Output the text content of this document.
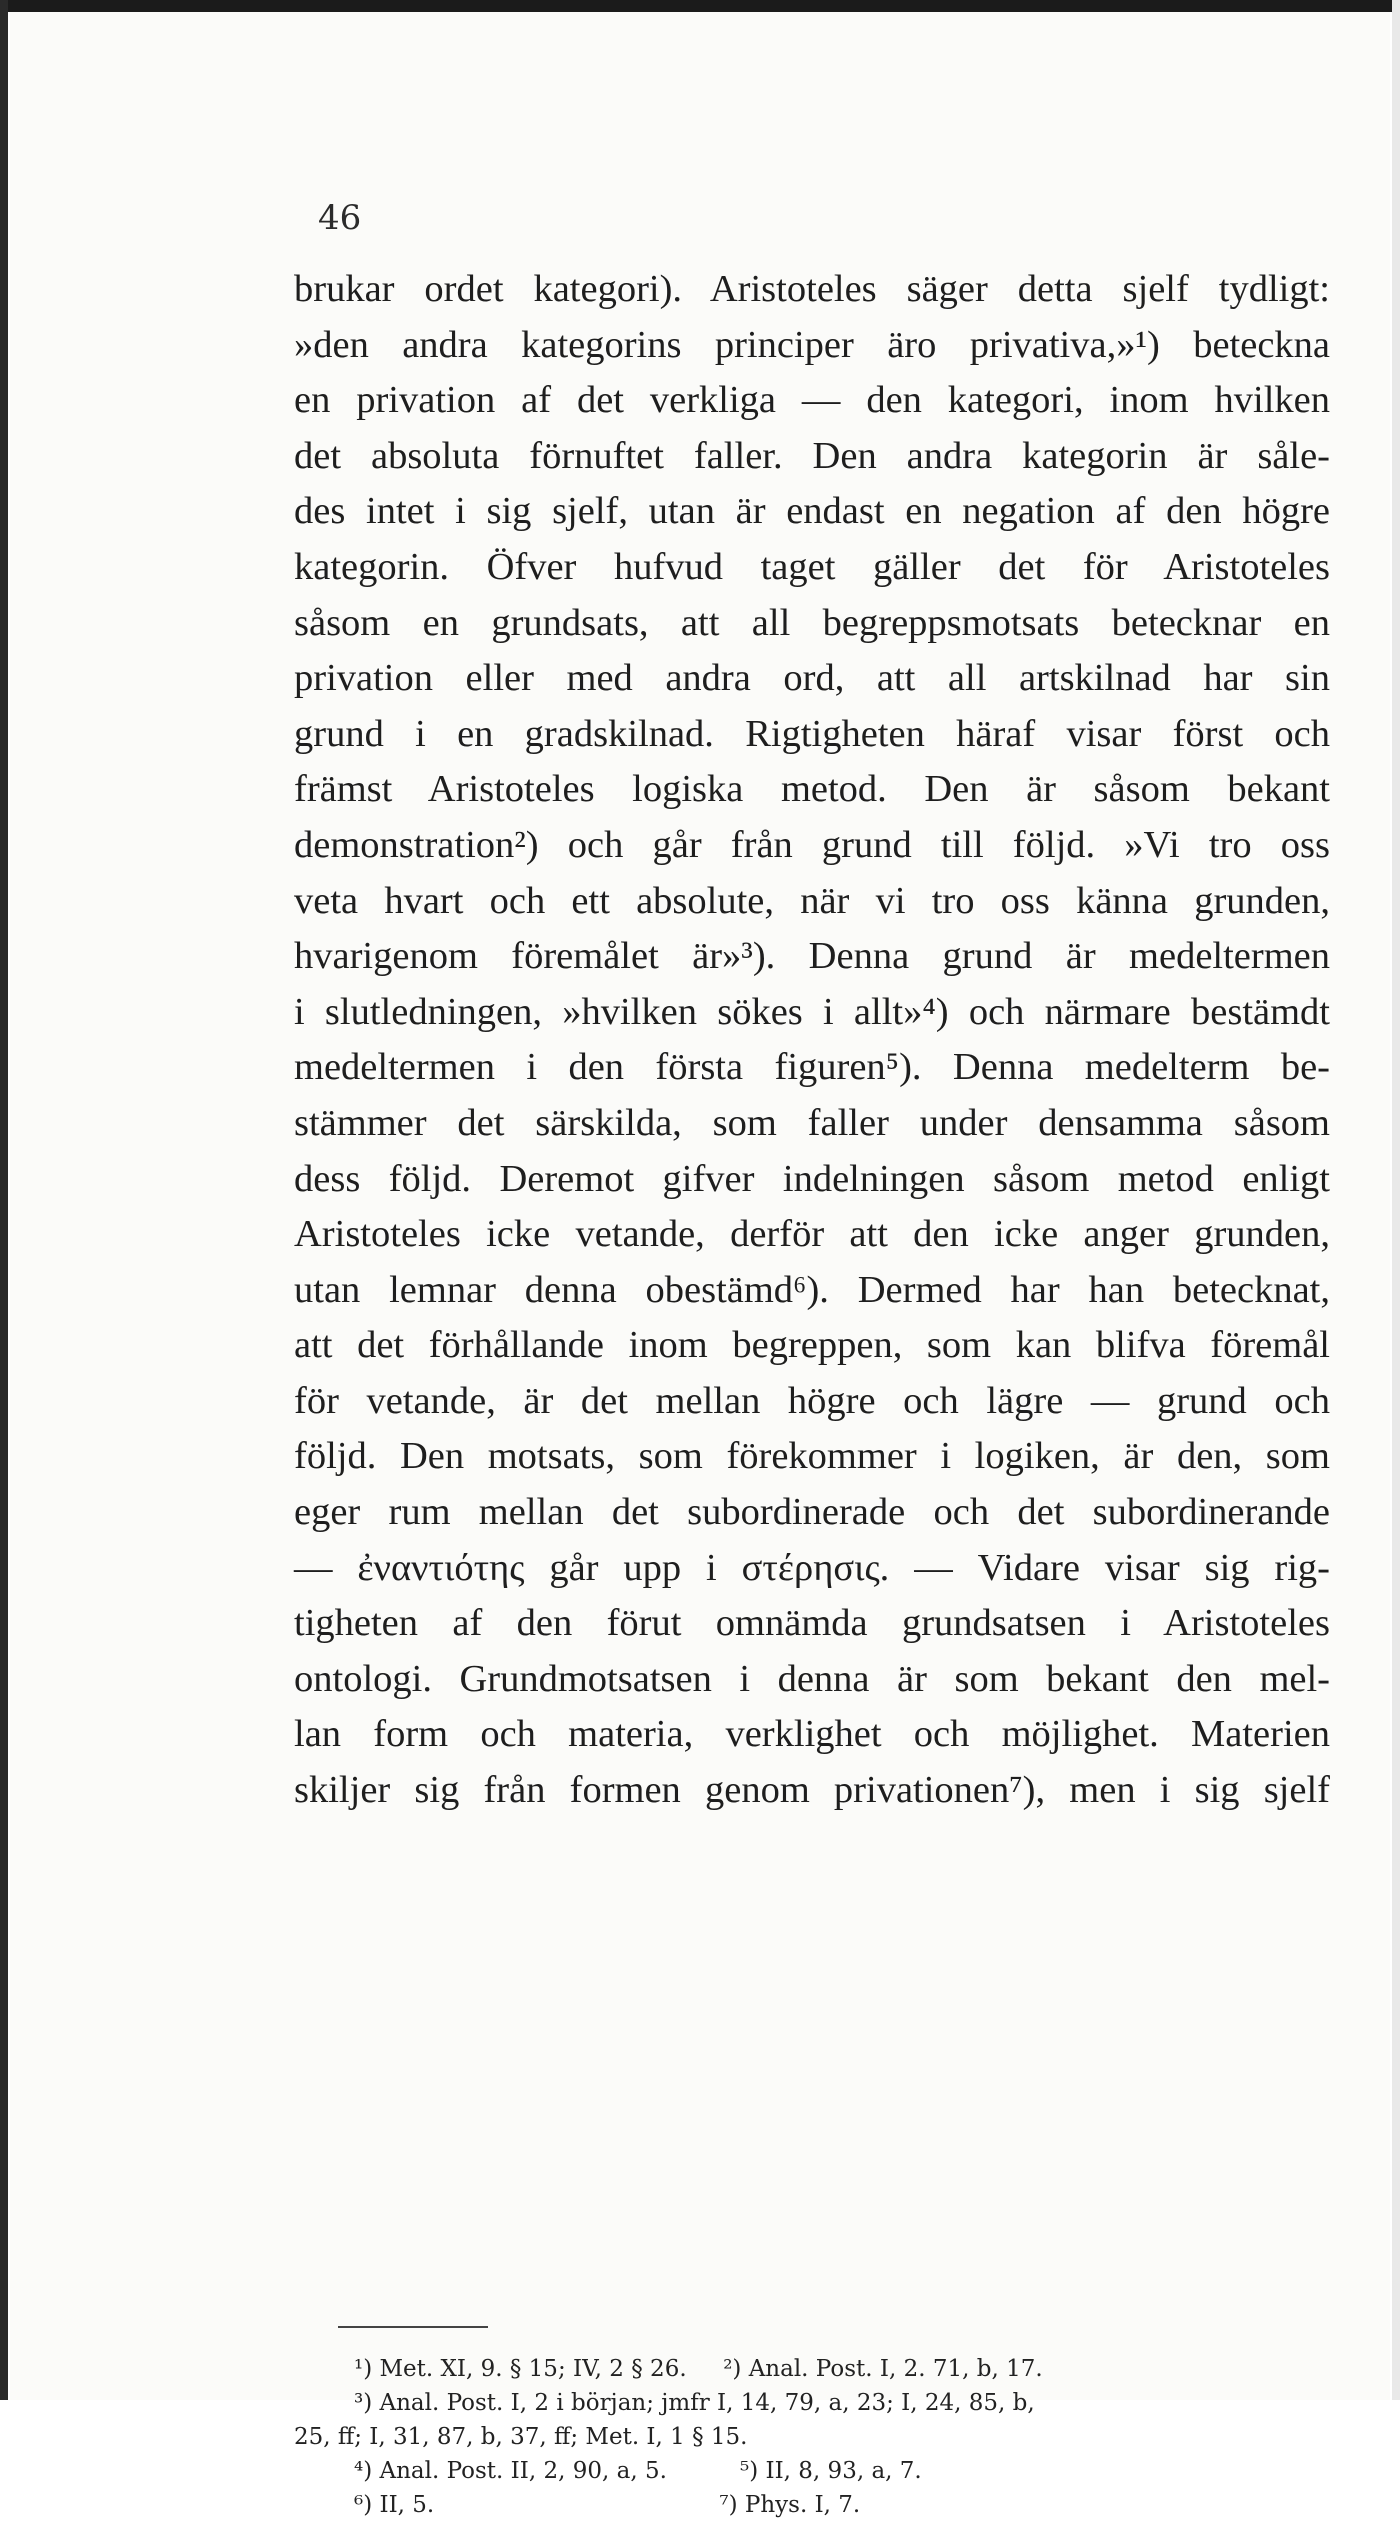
46

brukar ordet kategori). Aristoteles säger detta sjelf tydligt:
»den andra kategorins principer äro privativa,»¹) beteckna
en privation af det verkliga — den kategori, inom hvilken
det absoluta förnuftet faller. Den andra kategorin är såle-
des intet i sig sjelf, utan är endast en negation af den högre
kategorin. Öfver hufvud taget gäller det för Aristoteles
såsom en grundsats, att all begreppsmotsats betecknar en
privation eller med andra ord, att all artskilnad har sin
grund i en gradskilnad. Rigtigheten häraf visar först och
främst Aristoteles logiska metod. Den är såsom bekant
demonstration²) och går från grund till följd. »Vi tro oss
veta hvart och ett absolute, när vi tro oss känna grunden,
hvarigenom föremålet är»³). Denna grund är medeltermen
i slutledningen, »hvilken sökes i allt»⁴) och närmare bestämdt
medeltermen i den första figuren⁵). Denna medelterm be-
stämmer det särskilda, som faller under densamma såsom
dess följd. Deremot gifver indelningen såsom metod enligt
Aristoteles icke vetande, derför att den icke anger grunden,
utan lemnar denna obestämd⁶). Dermed har han betecknat,
att det förhållande inom begreppen, som kan blifva föremål
för vetande, är det mellan högre och lägre — grund och
följd. Den motsats, som förekommer i logiken, är den, som
eger rum mellan det subordinerade och det subordinerande
— ἐναντιότης går upp i στέρησις. — Vidare visar sig rig-
tigheten af den förut omnämda grundsatsen i Aristoteles
ontologi. Grundmotsatsen i denna är som bekant den mel-
lan form och materia, verklighet och möjlighet. Materien
skiljer sig från formen genom privationen⁷), men i sig sjelf
¹) Met. XI, 9. § 15; IV, 2 § 26.     ²) Anal. Post. I, 2. 71, b, 17.
³) Anal. Post. I, 2 i början; jmfr I, 14, 79, a, 23; I, 24, 85, b,
25, ff; I, 31, 87, b, 37, ff; Met. I, 1 § 15.
⁴) Anal. Post. II, 2, 90, a, 5.          ⁵) II, 8, 93, a, 7.
⁶) II, 5.                                       ⁷) Phys. I, 7.
